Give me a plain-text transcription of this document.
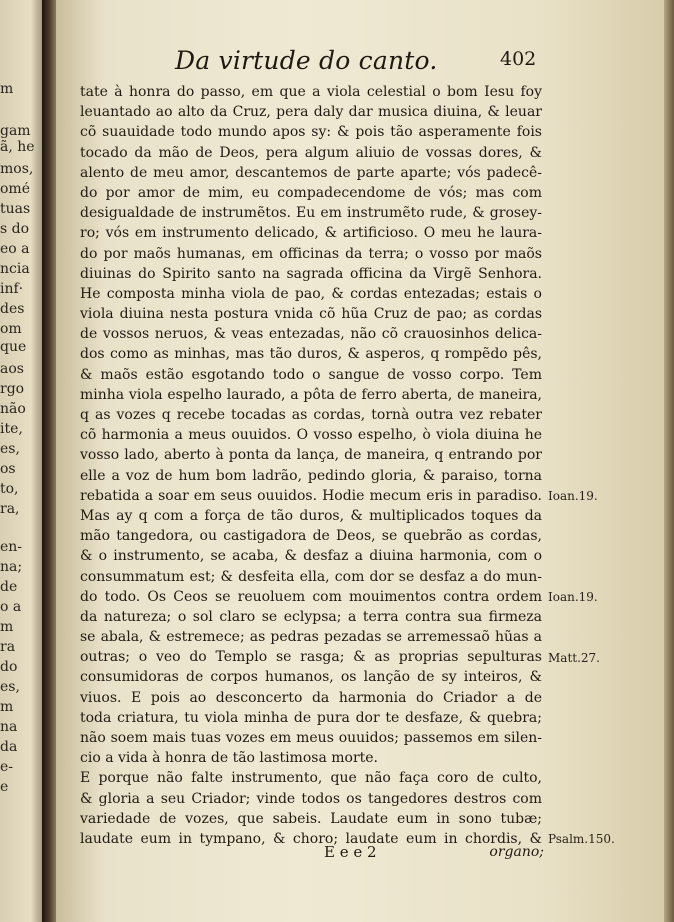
m
gam
ã, he
mos,
omé
tuas
s do
eo a
ncia
inf·
des
om
que
aos
rgo
não
ite,
es,
os
to,
ra,
en-
na;
de
o a
m
ra
do
es,
m
na
da
e-
e
Da virtude do canto.	402
tate à honra do passo, em que a viola celestial o bom Iesu foy
leuantado ao alto da Cruz, pera daly dar musica diuina, & leuar
cõ suauidade todo mundo apos sy: & pois tão asperamente fois
tocado da mão de Deos, pera algum aliuio de vossas dores, &
alento de meu amor, descantemos de parte aparte; vós padecê-
do por amor de mim, eu compadecendome de vós; mas com
desigualdade de instrumẽtos. Eu em instrumẽto rude, & grosey-
ro; vós em instrumento delicado, & artificioso. O meu he laura-
do por maõs humanas, em officinas da terra; o vosso por maõs
diuinas do Spirito santo na sagrada officina da Virgẽ Senhora.
He composta minha viola de pao, & cordas entezadas; estais o
viola diuina nesta postura vnida cõ hũa Cruz de pao; as cordas
de vossos neruos, & veas entezadas, não cõ crauosinhos delica-
dos como as minhas, mas tão duros, & asperos, q rompẽdo pês,
& maõs estão esgotando todo o sangue de vosso corpo. Tem
minha viola espelho laurado, a pôta de ferro aberta, de maneira,
q as vozes q recebe tocadas as cordas, tornà outra vez rebater
cõ harmonia a meus ouuidos. O vosso espelho, ò viola diuina he
vosso lado, aberto à ponta da lança, de maneira, q entrando por
elle a voz de hum bom ladrão, pedindo gloria, & paraiso, torna
rebatida a soar em seus ouuidos. Hodie mecum eris in paradiso.
Mas ay q com a força de tão duros, & multiplicados toques da
mão tangedora, ou castigadora de Deos, se quebrão as cordas,
& o instrumento, se acaba, & desfaz a diuina harmonia, com o
consummatum est; & desfeita ella, com dor se desfaz a do mun-
do todo. Os Ceos se reuoluem com mouimentos contra ordem
da natureza; o sol claro se eclypsa; a terra contra sua firmeza
se abala, & estremece; as pedras pezadas se arremessaõ hũas a
outras; o veo do Templo se rasga; & as proprias sepulturas
consumidoras de corpos humanos, os lanção de sy inteiros, &
viuos. E pois ao desconcerto da harmonia do Criador a de
toda criatura, tu viola minha de pura dor te desfaze, & quebra;
não soem mais tuas vozes em meus ouuidos; passemos em silen-
cio a vida à honra de tão lastimosa morte.
E porque não falte instrumento, que não faça coro de culto,
& gloria a seu Criador; vinde todos os tangedores destros com
variedade de vozes, que sabeis. Laudate eum in sono tubæ;
laudate eum in tympano, & choro; laudate eum in chordis, &
E e e 2	organo;
Ioan.19.
Ioan.19.
Matt.27.
Psalm.150.
